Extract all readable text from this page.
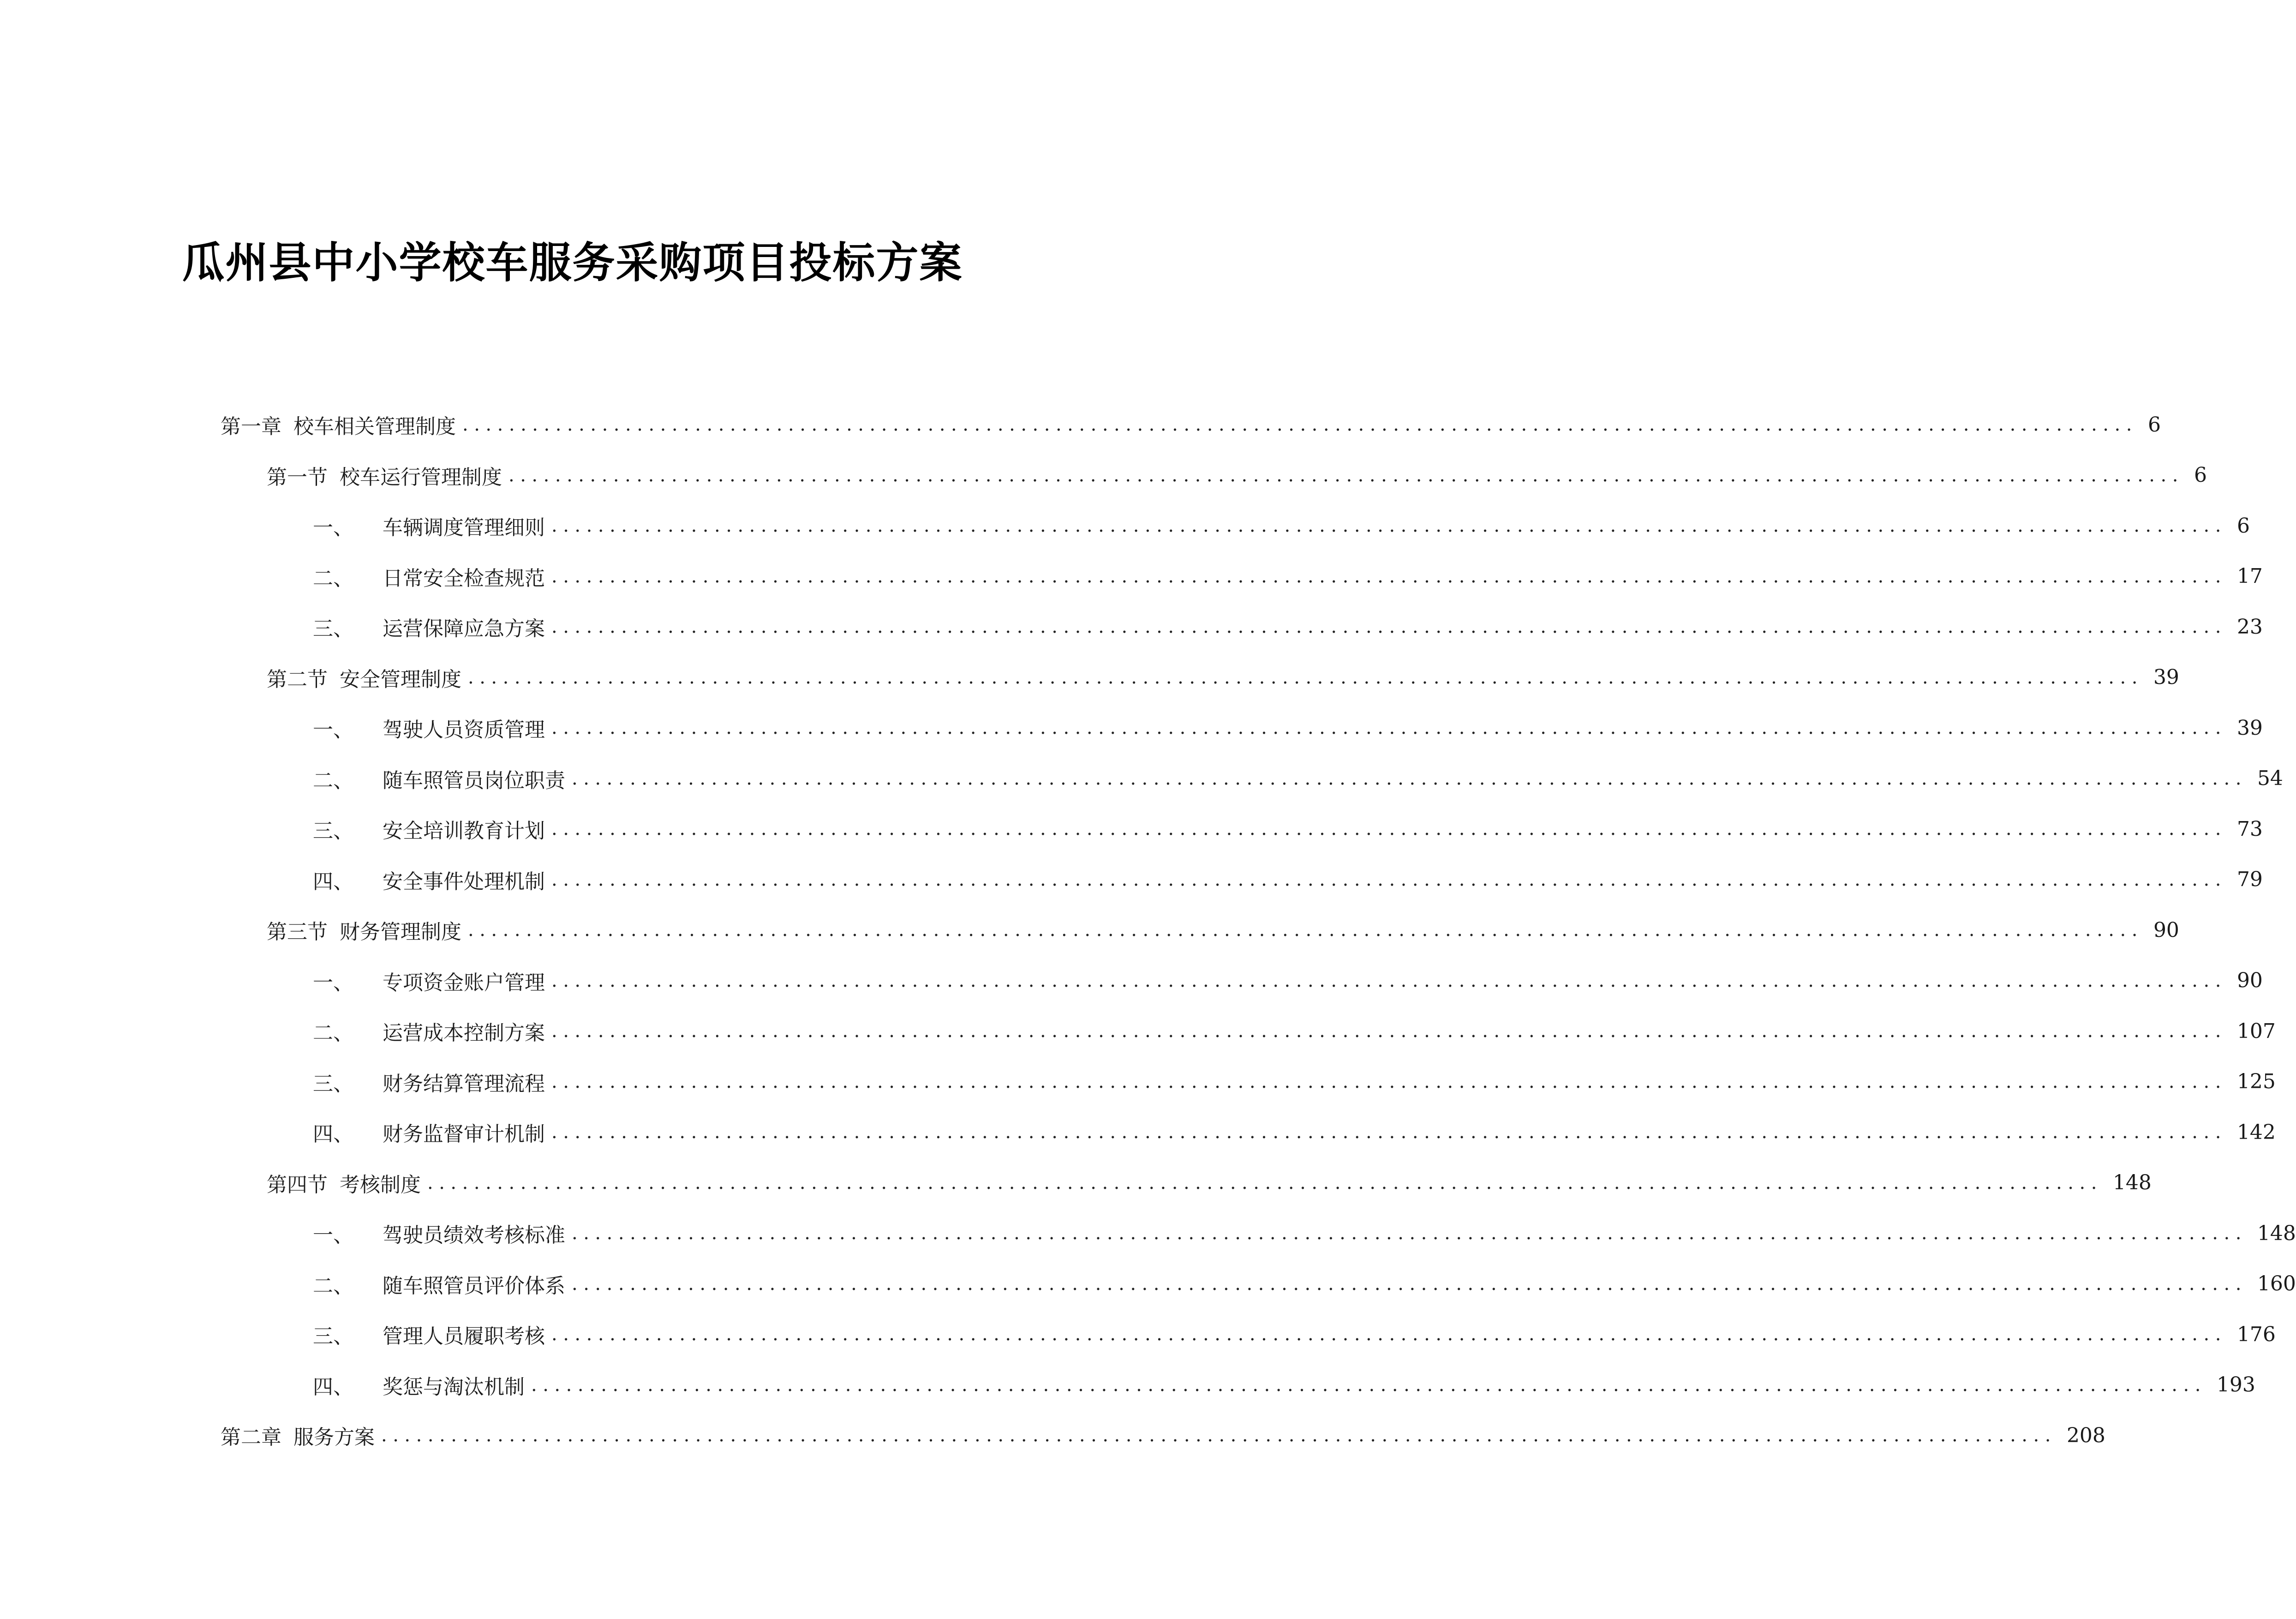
瓜州县中小学校车服务采购项目投标方案
第一章 校车相关管理制度 ................................................................................................................................................ 6
第一节 校车运行管理制度 ................................................................................................................................................ 6
一、	车辆调度管理细则 ................................................................................................................................................ 6
二、	日常安全检查规范 ................................................................................................................................................ 17
三、	运营保障应急方案 ................................................................................................................................................ 23
第二节 安全管理制度 ................................................................................................................................................ 39
一、	驾驶人员资质管理 ................................................................................................................................................ 39
二、	随车照管员岗位职责 ................................................................................................................................................ 54
三、	安全培训教育计划 ................................................................................................................................................ 73
四、	安全事件处理机制 ................................................................................................................................................ 79
第三节 财务管理制度 ................................................................................................................................................ 90
一、	专项资金账户管理 ................................................................................................................................................ 90
二、	运营成本控制方案 ................................................................................................................................................ 107
三、	财务结算管理流程 ................................................................................................................................................ 125
四、	财务监督审计机制 ................................................................................................................................................ 142
第四节 考核制度 ................................................................................................................................................ 148
一、	驾驶员绩效考核标准 ................................................................................................................................................ 148
二、	随车照管员评价体系 ................................................................................................................................................ 160
三、	管理人员履职考核 ................................................................................................................................................ 176
四、	奖惩与淘汰机制 ................................................................................................................................................ 193
第二章 服务方案 ................................................................................................................................................ 208
